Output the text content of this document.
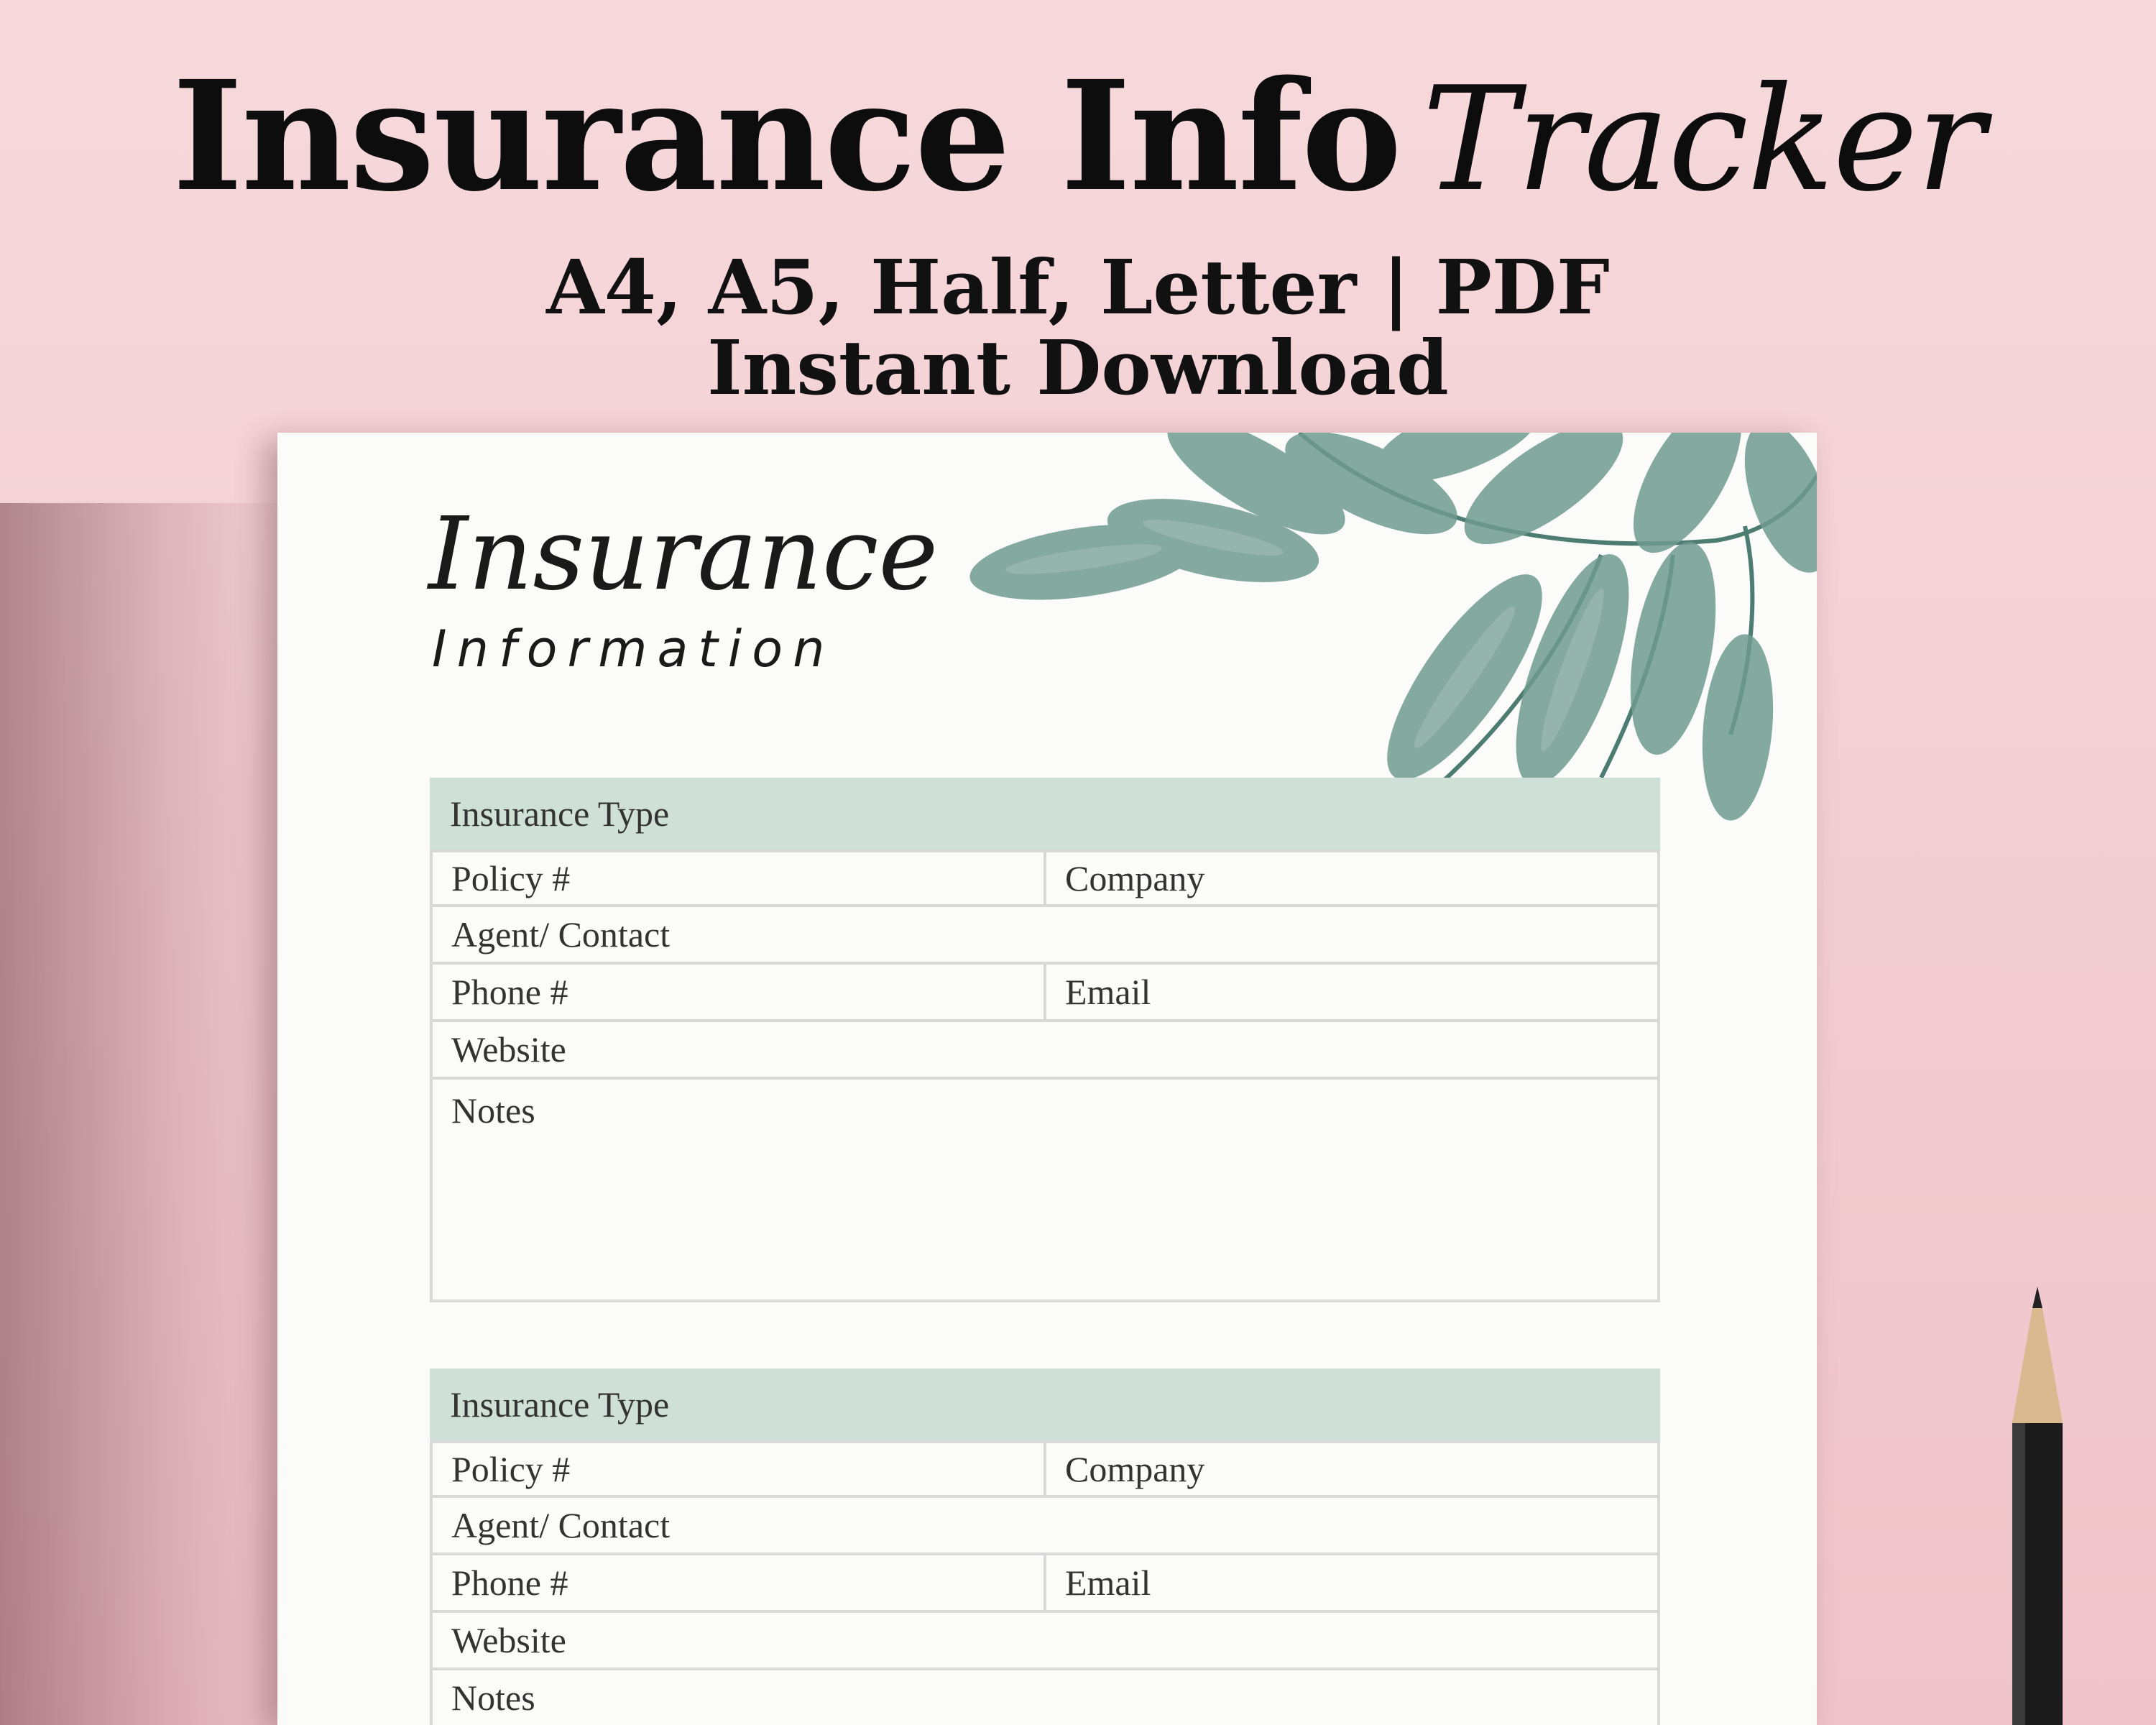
Insurance Info Tracker
A4, A5, Half, Letter | PDF
Instant Download
Insurance
Information
Insurance Type
Policy #	Company
Agent/ Contact
Phone #	Email
Website
Notes
Insurance Type
Policy #	Company
Agent/ Contact
Phone #	Email
Website
Notes
